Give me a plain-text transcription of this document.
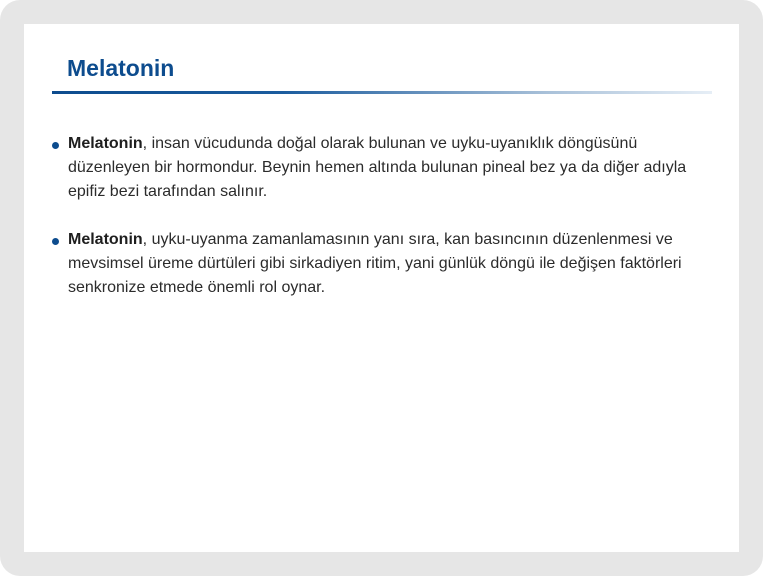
Melatonin
Melatonin, insan vücudunda doğal olarak bulunan ve uyku-uyanıklık döngüsünü düzenleyen bir hormondur. Beynin hemen altında bulunan pineal bez ya da diğer adıyla epifiz bezi tarafından salınır.
Melatonin, uyku-uyanma zamanlamasının yanı sıra, kan basıncının düzenlenmesi ve mevsimsel üreme dürtüleri gibi sirkadiyen ritim, yani günlük döngü ile değişen faktörleri senkronize etmede önemli rol oynar.
